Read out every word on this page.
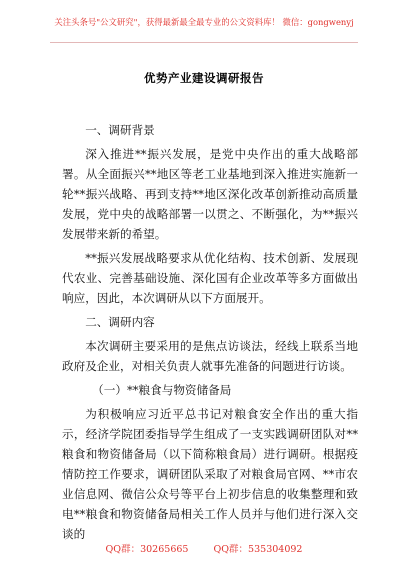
关注头条号"公文研究"，获得最新最全最专业的公文资料库！ 微信：gongwenyj
优势产业建设调研报告

一、调研背景

深入推进**振兴发展，是党中央作出的重大战略部署。从全面振兴**地区等老工业基地到深入推进实施新一轮**振兴战略、再到支持**地区深化改革创新推动高质量发展，党中央的战略部署一以贯之、不断强化，为**振兴发展带来新的希望。

**振兴发展战略要求从优化结构、技术创新、发展现代农业、完善基础设施、深化国有企业改革等多方面做出响应，因此，本次调研从以下方面展开。

二、调研内容

本次调研主要采用的是焦点访谈法，经线上联系当地政府及企业，对相关负责人就事先准备的问题进行访谈。

（一）**粮食与物资储备局

为积极响应习近平总书记对粮食安全作出的重大指示，经济学院团委指导学生组成了一支实践调研团队对**粮食和物资储备局（以下简称粮食局）进行调研。根据疫情防控工作要求，调研团队采取了对粮食局官网、**市农业信息网、微信公众号等平台上初步信息的收集整理和致电**粮食和物资储备局相关工作人员并与他们进行深入交谈的

QQ群：30265665	QQ群：535304092
